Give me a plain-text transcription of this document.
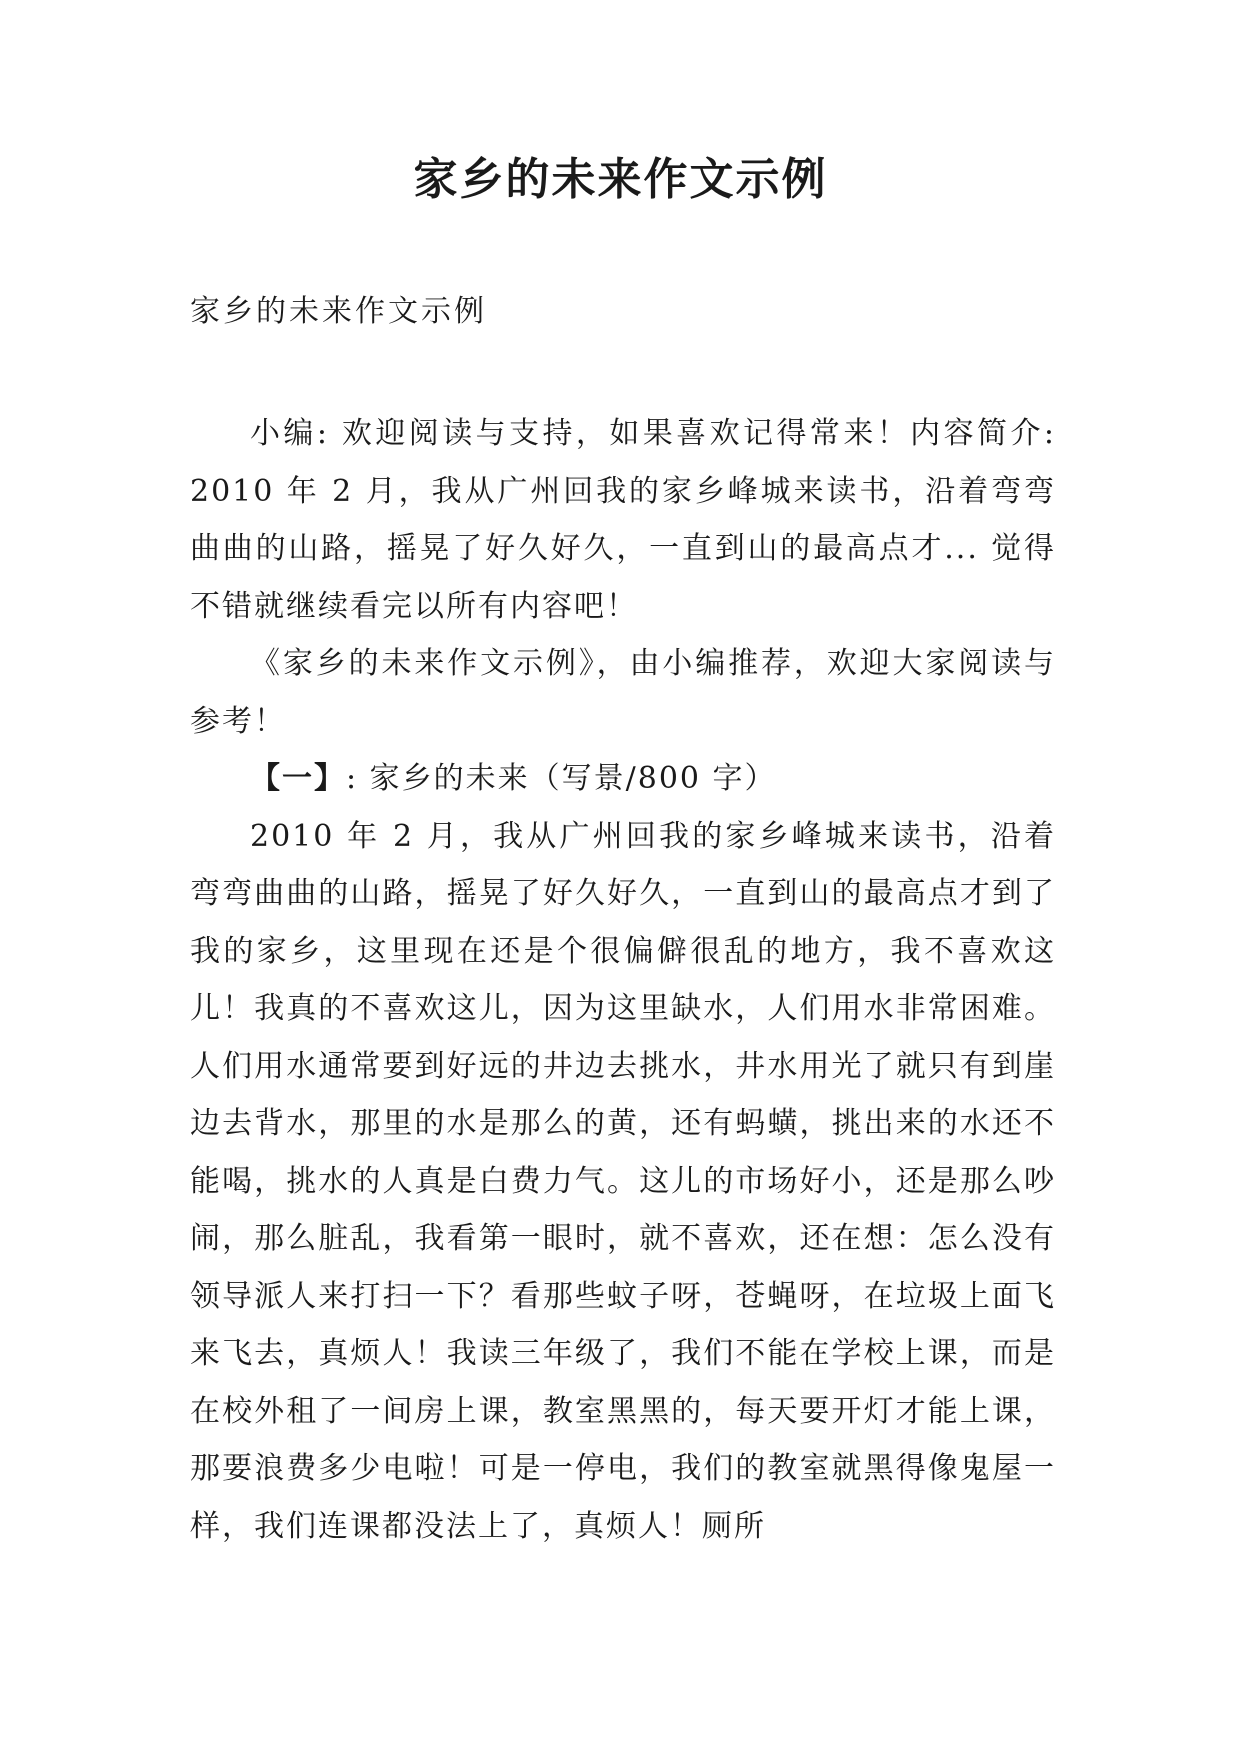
家乡的未来作文示例

家乡的未来作文示例

小编: 欢迎阅读与支持，如果喜欢记得常来！内容简介: 2010 年 2 月，我从广州回我的家乡峰城来读书，沿着弯弯曲曲的山路，摇晃了好久好久，一直到山的最高点才... 觉得不错就继续看完以所有内容吧！

《家乡的未来作文示例》，由小编推荐，欢迎大家阅读与参考！

【一】: 家乡的未来（写景/800 字）

2010 年 2 月，我从广州回我的家乡峰城来读书，沿着弯弯曲曲的山路，摇晃了好久好久，一直到山的最高点才到了我的家乡，这里现在还是个很偏僻很乱的地方，我不喜欢这儿！我真的不喜欢这儿，因为这里缺水，人们用水非常困难。人们用水通常要到好远的井边去挑水，井水用光了就只有到崖边去背水，那里的水是那么的黄，还有蚂蟥，挑出来的水还不能喝，挑水的人真是白费力气。这儿的市场好小，还是那么吵闹，那么脏乱，我看第一眼时，就不喜欢，还在想：怎么没有领导派人来打扫一下？看那些蚊子呀，苍蝇呀，在垃圾上面飞来飞去，真烦人！我读三年级了，我们不能在学校上课，而是在校外租了一间房上课，教室黑黑的，每天要开灯才能上课，那要浪费多少电啦！可是一停电，我们的教室就黑得像鬼屋一样，我们连课都没法上了，真烦人！厕所
